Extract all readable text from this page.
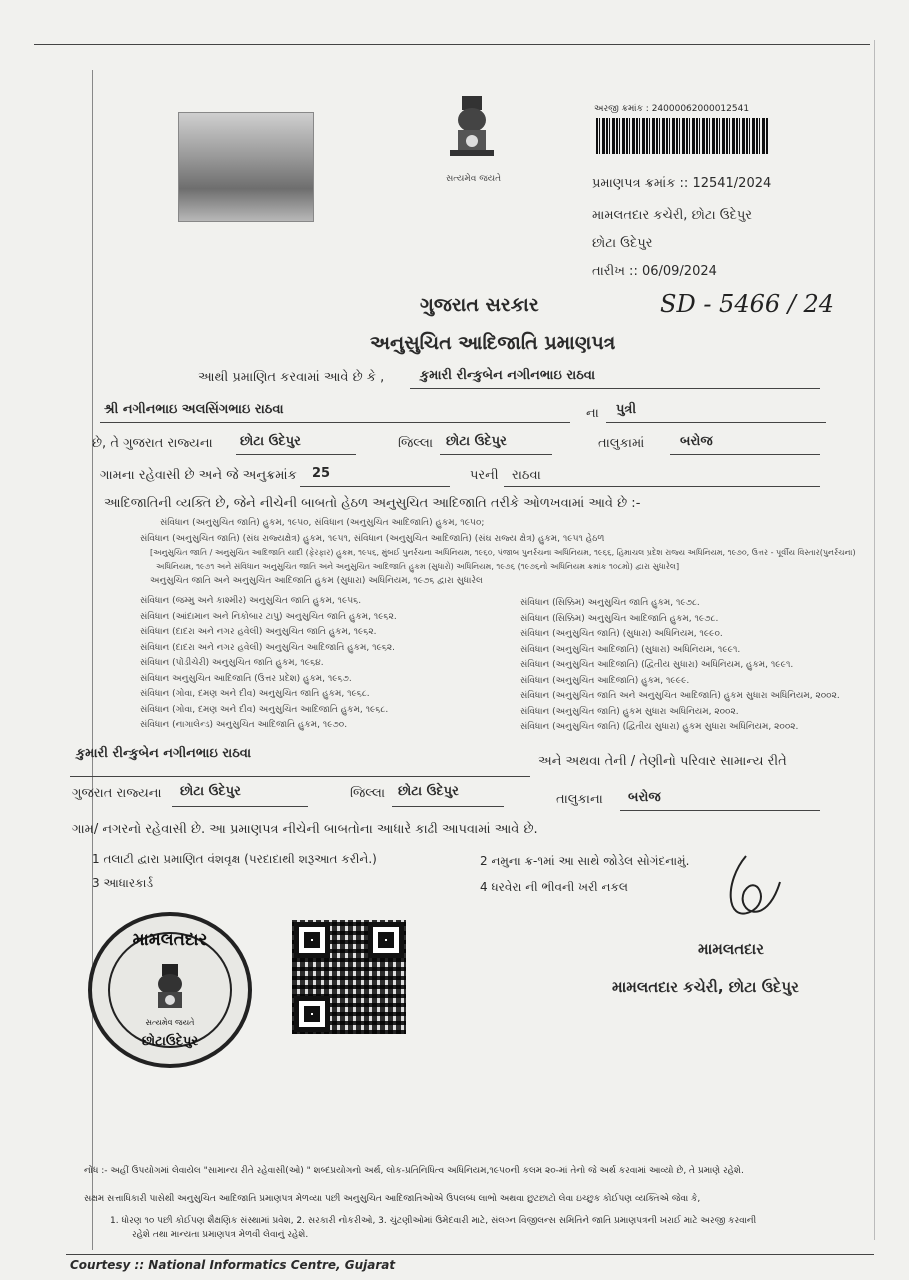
સત્યમેવ જયતે
અરજી ક્રમાંક : 24000062000012541
પ્રમાણપત્ર ક્રમાંક :: 12541/2024
મામલતદાર કચેરી, છોટા ઉદેપુર
છોટા ઉદેપુર
તારીખ :: 06/09/2024
SD - 5466 / 24
ગુજરાત સરકાર
અનુસુચિત આદિજાતિ પ્રમાણપત્ર
આથી પ્રમાણિત કરવામાં આવે છે કે ,	કુમારી રીન્કુબેન નગીનભાઇ રાઠવા
શ્રી નગીનભાઇ અલસિંગભાઇ રાઠવા	ના પુત્રી
છે, તે ગુજરાત રાજ્યના છોટા ઉદેપુર	જિલ્લા છોટા ઉદેપુર	તાલુકામાં	બરોજ
ગામના રહેવાસી છે અને જે અનુક્રમાંક 25	પરની રાઠવા
આદિજાતિની વ્યક્તિ છે, જેને નીચેની બાબતો હેઠળ અનુસુચિત આદિજાતિ તરીકે ઓળખવામાં આવે છે :-
સંવિધાન (અનુસુચિત જાતિ) હુકમ, ૧૯૫૦, સંવિધાન (અનુસુચિત આદિજાતિ) હુકમ, ૧૯૫૦;
સંવિધાન (અનુસુચિત જાતિ) (સંઘ રાજ્યક્ષેત્ર) હુકમ, ૧૯૫૧, સંવિધાન (અનુસુચિત આદિજાતિ) (સંઘ રાજ્ય ક્ષેત્ર) હુકમ, ૧૯૫૧ હેઠળ
[અનુસુચિત જાતિ / અનુસુચિત આદિજાતિ યાદી (ફેરફાર) હુકમ, ૧૯૫૬, મુંબઈ પુનર્રચના અધિનિયમ, ૧૯૬૦, પંજાબ પુનર્રચના અધિનિયમ, ૧૯૬૬, હિમાચલ પ્રદેશ રાજ્ય અધિનિયમ, ૧૯૭૦, ઉત્તર - પૂર્વીય વિસ્તાર(પુનર્રચના)
અધિનિયમ, ૧૯૭૧ અને સંવિધાન અનુસુચિત જાતિ અને અનુસુચિત આદિજાતિ હુકમ (સુધારો) અધિનિયમ, ૧૯૭૬ (૧૯૭૬નો અધિનિયમ ક્રમાંક ૧૦૮મો) દ્વારા સુધારેલ]
અનુસુચિત જાતિ અને અનુસુચિત આદિજાતિ હુકમ (સુધારા) અધિનિયમ, ૧૯૭૬ દ્વારા સુધારેલ
સંવિધાન (જમ્મુ અને કાશ્મીર) અનુસુચિત જાતિ હુકમ, ૧૯૫૬.
સંવિધાન (આંદામાન અને નિકોબાર ટાપુ) અનુસુચિત જાતિ હુકમ, ૧૯૬૨.
સંવિધાન (દાદરા અને નગર હવેલી) અનુસુચિત જાતિ હુકમ, ૧૯૬૨.
સંવિધાન (દાદરા અને નગર હવેલી) અનુસુચિત આદિજાતિ હુકમ, ૧૯૬૨.
સંવિધાન (પોંડીચેરી) અનુસુચિત જાતિ હુકમ, ૧૯૬૪.
સંવિધાન અનુસુચિત આદિજાતિ (ઉત્તર પ્રદેશ) હુકમ, ૧૯૬૭.
સંવિધાન (ગોવા, દમણ અને દીવ) અનુસુચિત જાતિ હુકમ, ૧૯૬૮.
સંવિધાન (ગોવા, દમણ અને દીવ) અનુસુચિત આદિજાતિ હુકમ, ૧૯૬૮.
સંવિધાન (નાગાલેન્ડ) અનુસુચિત આદિજાતિ હુકમ, ૧૯૭૦.
સંવિધાન (સિક્કિમ) અનુસુચિત જાતિ હુકમ, ૧૯૭૮.
સંવિધાન (સિક્કિમ) અનુસુચિત આદિજાતિ હુકમ, ૧૯૭૮.
સંવિધાન (અનુસુચિત જાતિ) (સુધારા) અધિનિયમ, ૧૯૯૦.
સંવિધાન (અનુસુચિત આદિજાતિ) (સુધારા) અધિનિયમ, ૧૯૯૧.
સંવિધાન (અનુસુચિત આદિજાતિ) (દ્વિતીય સુધારા) અધિનિયમ, હુકમ, ૧૯૯૧.
સંવિધાન (અનુસુચિત આદિજાતિ) હુકમ, ૧૯૯૯.
સંવિધાન (અનુસુચિત જાતિ અને અનુસુચિત આદિજાતિ) હુકમ સુધારા અધિનિયમ, ૨૦૦૨.
સંવિધાન (અનુસુચિત જાતિ) હુકમ સુધારા અધિનિયમ, ૨૦૦૨.
સંવિધાન (અનુસુચિત જાતિ) (દ્વિતીય સુધારા) હુકમ સુધારા અધિનિયમ, ૨૦૦૨.
કુમારી રીન્કુબેન નગીનભાઇ રાઠવા
અને અથવા તેની / તેણીનો પરિવાર સામાન્ય રીતે
ગુજરાત રાજ્યના છોટા ઉદેપુર	જિલ્લા છોટા ઉદેપુર
તાલુકાના બરોજ
ગામ/ નગરનો રહેવાસી છે. આ પ્રમાણપત્ર નીચેની બાબતોના આધારે કાઢી આપવામાં આવે છે.
1 તલાટી દ્વારા પ્રમાણિત વંશવૃક્ષ (પરદાદાથી શરૂઆત કરીને.)	2 નમુના ક્ર-૧માં આ સાથે જોડેલ સોગંદનામું.
3 આધારકાર્ડ	4 ધરવેરા ની ભીવની ખરી નકલ
મામલતદાર
સત્યમેવ જયતે
છોટાઉદેપુર
મામલતદાર
મામલતદાર કચેરી, છોટા ઉદેપુર
નોંધ :- અહીં ઉપયોગમાં લેવાયેલ "સામાન્ય રીતે રહેવાસી(ઓ) " શબ્દપ્રયોગનો અર્થ, લોક-પ્રતિનિધિત્વ અધિનિયમ,૧૯૫૦ની કલમ ૨૦-માં તેનો જે અર્થ કરવામાં આવ્યો છે, તે પ્રમાણે રહેશે.
સક્ષમ સત્તાધિકારી પાસેથી અનુસુચિત આદિજાતિ પ્રમાણપત્ર મેળવ્યા પછી અનુસુચિત આદિજાતિઓએ ઉપલબ્ધ લાભો અથવા છુટછાટો લેવા ઇચ્છુક કોઈપણ વ્યક્તિએ જેવા કે,
1. ધોરણ ૧૦ પછી કોઈપણ શૈક્ષણિક સંસ્થામાં પ્રવેશ, 2. સરકારી નોકરીઓ, 3. ચુંટણીઓમાં ઉમેદવારી માટે, સંલગ્ન વિજીલન્સ સમિતિને જાતિ પ્રમાણપત્રની ખરાઈ માટે અરજી કરવાની
રહેશે તથા માન્યતા પ્રમાણપત્ર મેળવી લેવાનું રહેશે.
Courtesy :: National Informatics Centre, Gujarat
